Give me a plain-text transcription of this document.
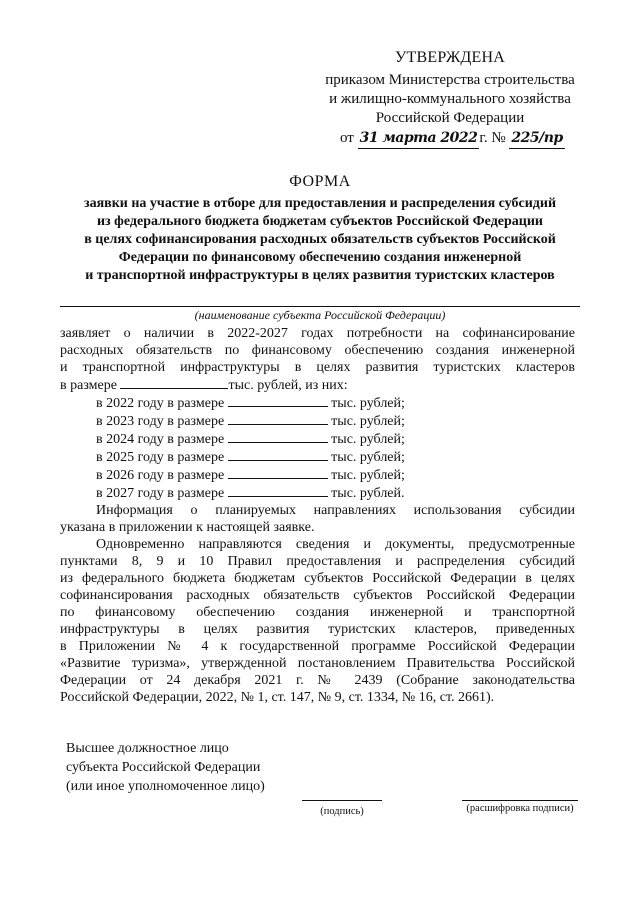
УТВЕРЖДЕНА
приказом Министерства строительства
и жилищно-коммунального хозяйства
Российской Федерации
от 31 марта 2022 г. № 225/пр
ФОРМА
заявки на участие в отборе для предоставления и распределения субсидий
из федерального бюджета бюджетам субъектов Российской Федерации
в целях софинансирования расходных обязательств субъектов Российской
Федерации по финансовому обеспечению создания инженерной
и транспортной инфраструктуры в целях развития туристских кластеров
(наименование субъекта Российской Федерации)
заявляет о наличии в 2022-2027 годах потребности на софинансирование
расходных обязательств по финансовому обеспечению создания инженерной
и транспортной инфраструктуры в целях развития туристских кластеров
в размере	тыс. рублей, из них:
в 2022 году в размере	тыс. рублей;
в 2023 году в размере	тыс. рублей;
в 2024 году в размере	тыс. рублей;
в 2025 году в размере	тыс. рублей;
в 2026 году в размере	тыс. рублей;
в 2027 году в размере	тыс. рублей.
Информация о планируемых направлениях использования субсидии
указана в приложении к настоящей заявке.
Одновременно направляются сведения и документы, предусмотренные
пунктами 8, 9 и 10 Правил предоставления и распределения субсидий
из федерального бюджета бюджетам субъектов Российской Федерации в целях
софинансирования расходных обязательств субъектов Российской Федерации
по финансовому обеспечению создания инженерной и транспортной
инфраструктуры в целях развития туристских кластеров, приведенных
в Приложении № 4 к государственной программе Российской Федерации
«Развитие туризма», утвержденной постановлением Правительства Российской
Федерации от 24 декабря 2021 г. № 2439 (Собрание законодательства
Российской Федерации, 2022, № 1, ст. 147, № 9, ст. 1334, № 16, ст. 2661).
Высшее должностное лицо
субъекта Российской Федерации
(или иное уполномоченное лицо)
(подпись)	(расшифровка подписи)
